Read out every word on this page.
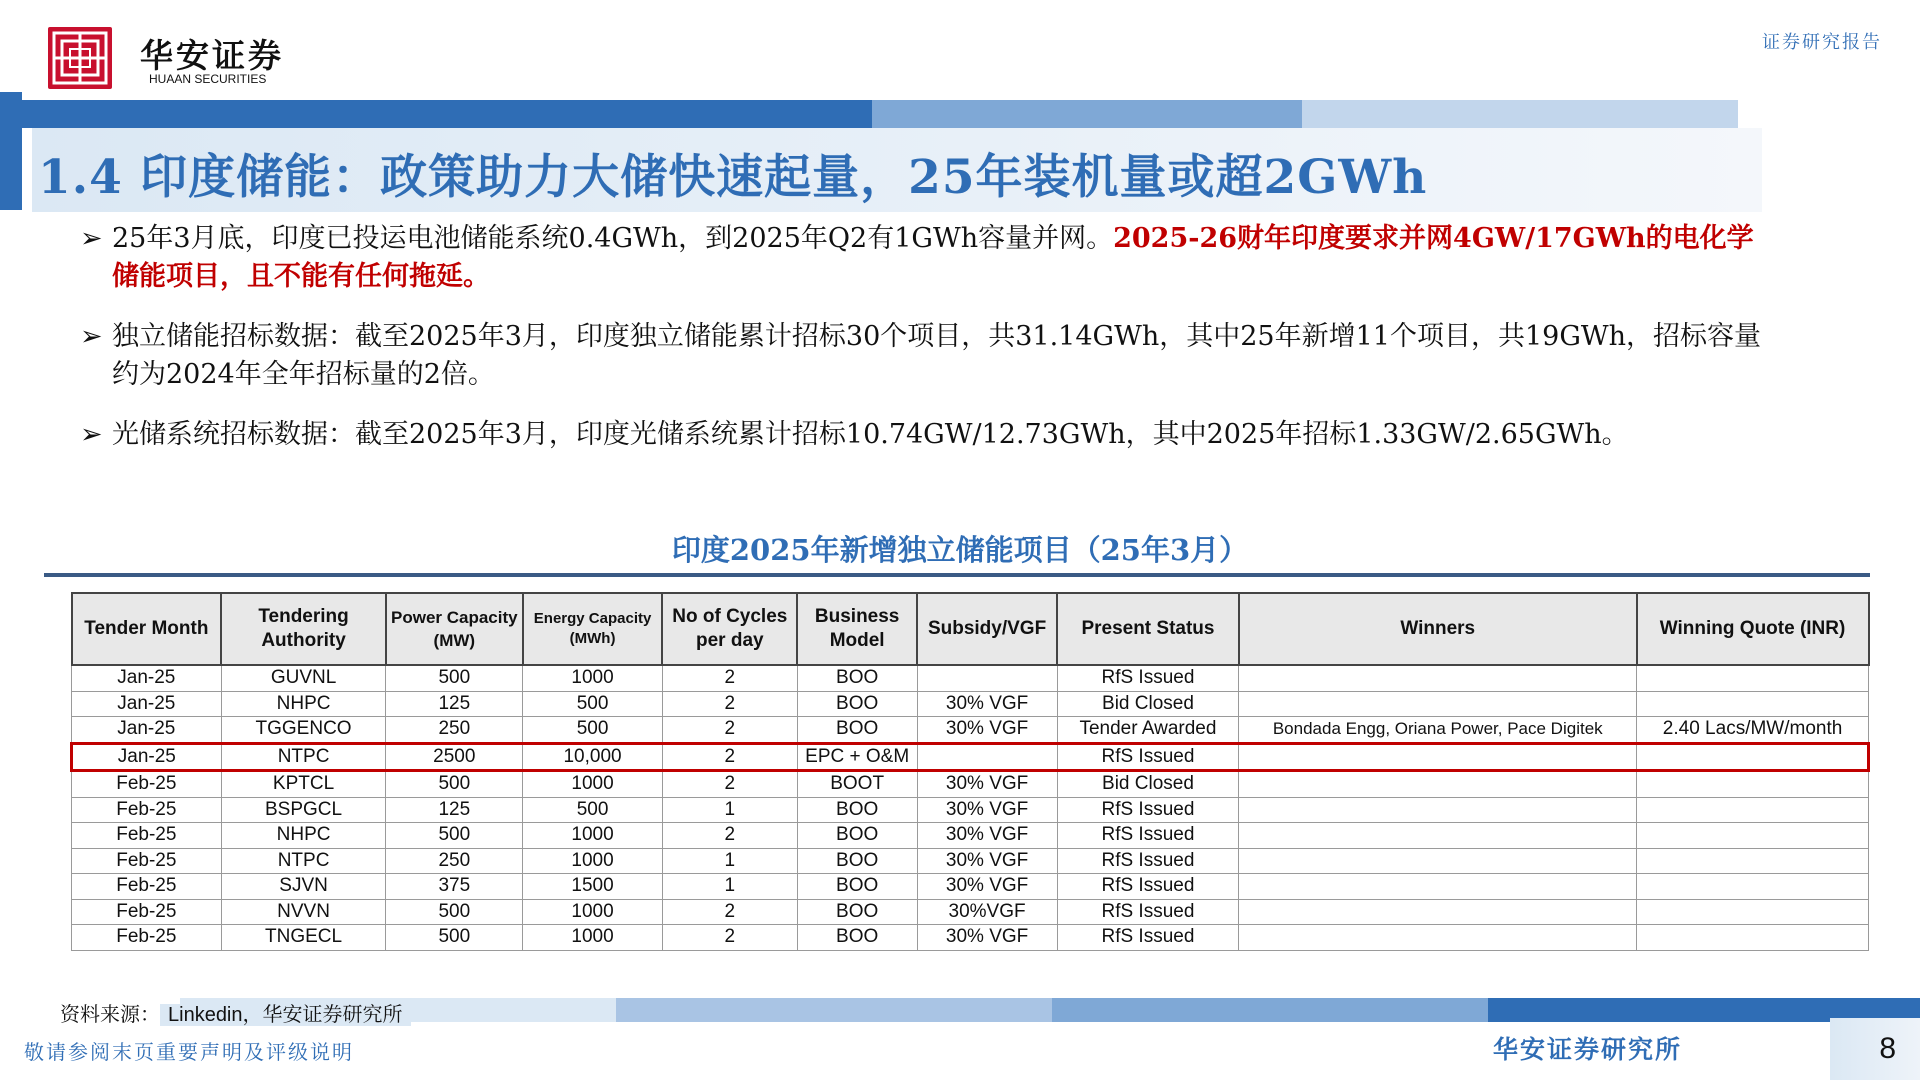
华安证券
HUAAN SECURITIES
证券研究报告
1.4 印度储能：政策助力大储快速起量，25年装机量或超2GWh
➢ 25年3月底，印度已投运电池储能系统0.4GWh，到2025年Q2有1GWh容量并网。2025-26财年印度要求并网4GW/17GWh的电化学储能项目，且不能有任何拖延。
➢ 独立储能招标数据：截至2025年3月，印度独立储能累计招标30个项目，共31.14GWh，其中25年新增11个项目，共19GWh，招标容量约为2024年全年招标量的2倍。
➢ 光储系统招标数据：截至2025年3月，印度光储系统累计招标10.74GW/12.73GWh，其中2025年招标1.33GW/2.65GWh。
印度2025年新增独立储能项目（25年3月）
Tender Month	Tendering Authority	Power Capacity (MW)	Energy Capacity (MWh)	No of Cycles per day	Business Model	Subsidy/VGF	Present Status	Winners	Winning Quote (INR)
Jan-25	GUVNL	500	1000	2	BOO		RfS Issued		
Jan-25	NHPC	125	500	2	BOO	30% VGF	Bid Closed		
Jan-25	TGGENCO	250	500	2	BOO	30% VGF	Tender Awarded	Bondada Engg, Oriana Power, Pace Digitek	2.40 Lacs/MW/month
Jan-25	NTPC	2500	10,000	2	EPC + O&M		RfS Issued		
Feb-25	KPTCL	500	1000	2	BOOT	30% VGF	Bid Closed		
Feb-25	BSPGCL	125	500	1	BOO	30% VGF	RfS Issued		
Feb-25	NHPC	500	1000	2	BOO	30% VGF	RfS Issued		
Feb-25	NTPC	250	1000	1	BOO	30% VGF	RfS Issued		
Feb-25	SJVN	375	1500	1	BOO	30% VGF	RfS Issued		
Feb-25	NVVN	500	1000	2	BOO	30%VGF	RfS Issued		
Feb-25	TNGECL	500	1000	2	BOO	30% VGF	RfS Issued		
资料来源： Linkedin，华安证券研究所
敬请参阅末页重要声明及评级说明	华安证券研究所	8
